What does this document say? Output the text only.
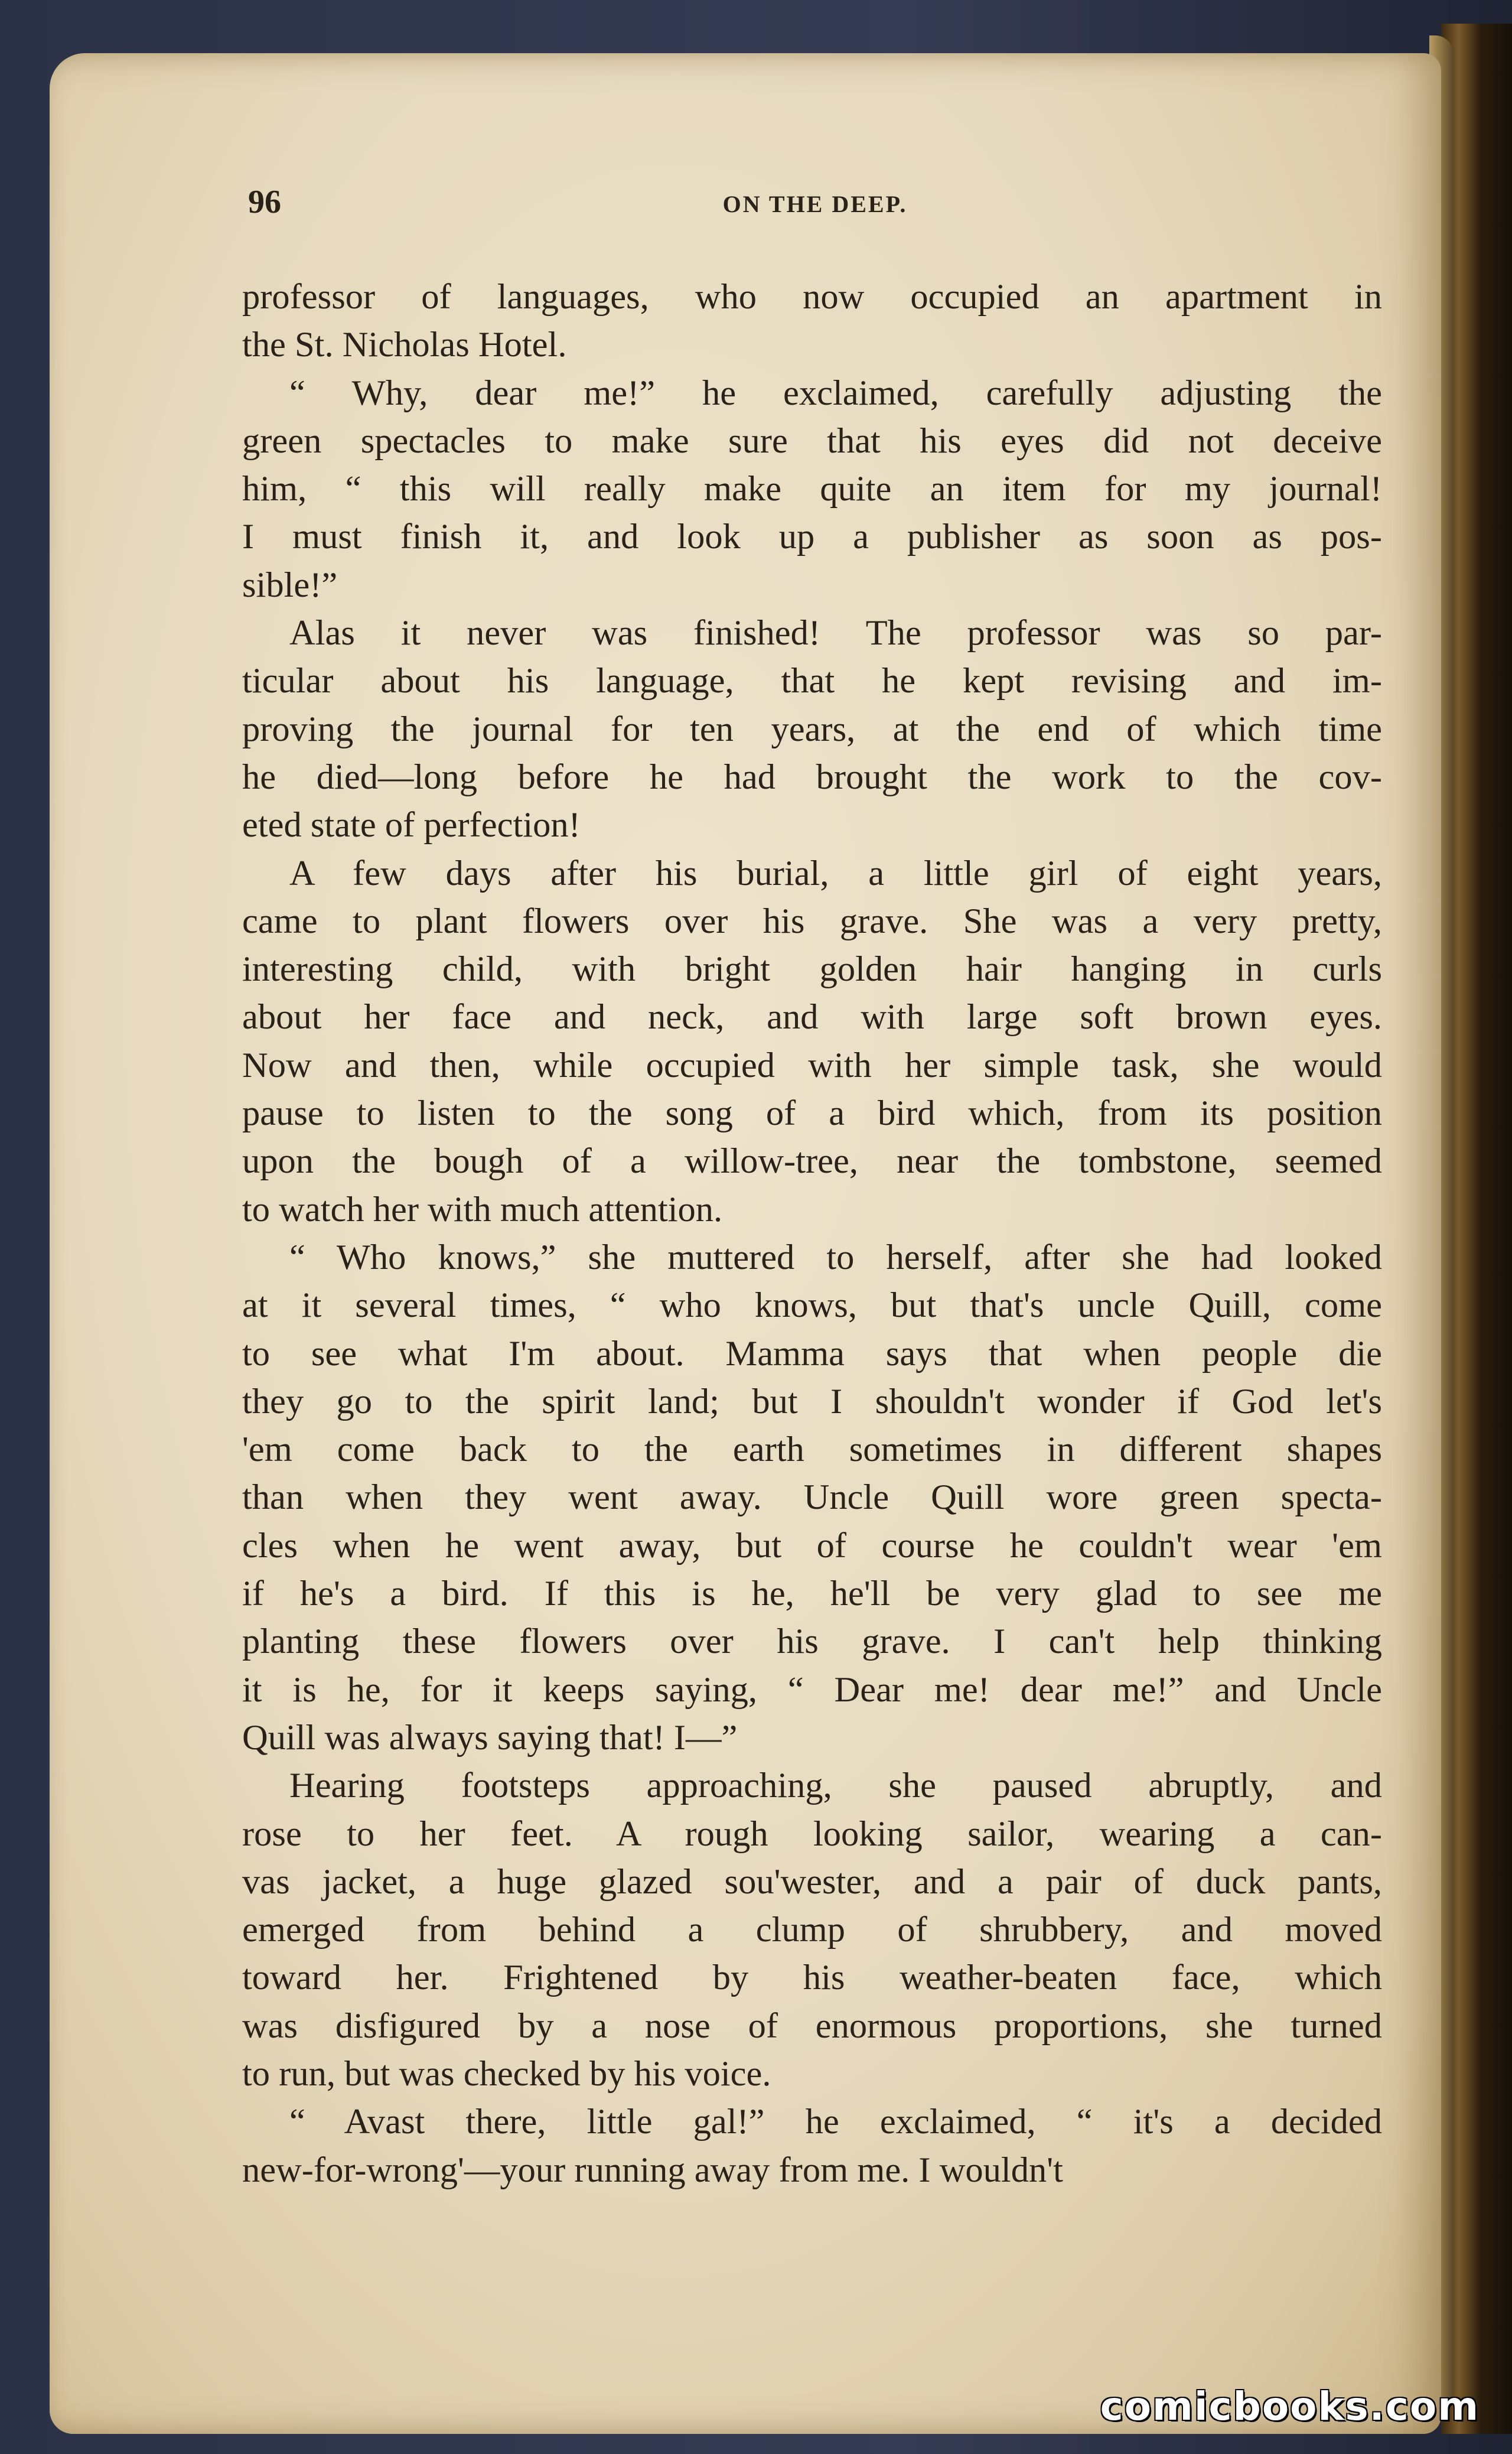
96	ON THE DEEP.
professor of languages, who now occupied an apartment in
the St. Nicholas Hotel.
“ Why, dear me!” he exclaimed, carefully adjusting the
green spectacles to make sure that his eyes did not deceive
him, “ this will really make quite an item for my journal!
I must finish it, and look up a publisher as soon as pos-
sible!”
Alas it never was finished! The professor was so par-
ticular about his language, that he kept revising and im-
proving the journal for ten years, at the end of which time
he died—long before he had brought the work to the cov-
eted state of perfection!
A few days after his burial, a little girl of eight years,
came to plant flowers over his grave. She was a very pretty,
interesting child, with bright golden hair hanging in curls
about her face and neck, and with large soft brown eyes.
Now and then, while occupied with her simple task, she would
pause to listen to the song of a bird which, from its position
upon the bough of a willow-tree, near the tombstone, seemed
to watch her with much attention.
“ Who knows,” she muttered to herself, after she had looked
at it several times, “ who knows, but that's uncle Quill, come
to see what I'm about. Mamma says that when people die
they go to the spirit land; but I shouldn't wonder if God let's
'em come back to the earth sometimes in different shapes
than when they went away. Uncle Quill wore green specta-
cles when he went away, but of course he couldn't wear 'em
if he's a bird. If this is he, he'll be very glad to see me
planting these flowers over his grave. I can't help thinking
it is he, for it keeps saying, “ Dear me! dear me!” and Uncle
Quill was always saying that! I—”
Hearing footsteps approaching, she paused abruptly, and
rose to her feet. A rough looking sailor, wearing a can-
vas jacket, a huge glazed sou'wester, and a pair of duck pants,
emerged from behind a clump of shrubbery, and moved
toward her. Frightened by his weather-beaten face, which
was disfigured by a nose of enormous proportions, she turned
to run, but was checked by his voice.
“ Avast there, little gal!” he exclaimed, “ it's a decided
new-for-wrong'—your running away from me. I wouldn't
comicbooks.com
